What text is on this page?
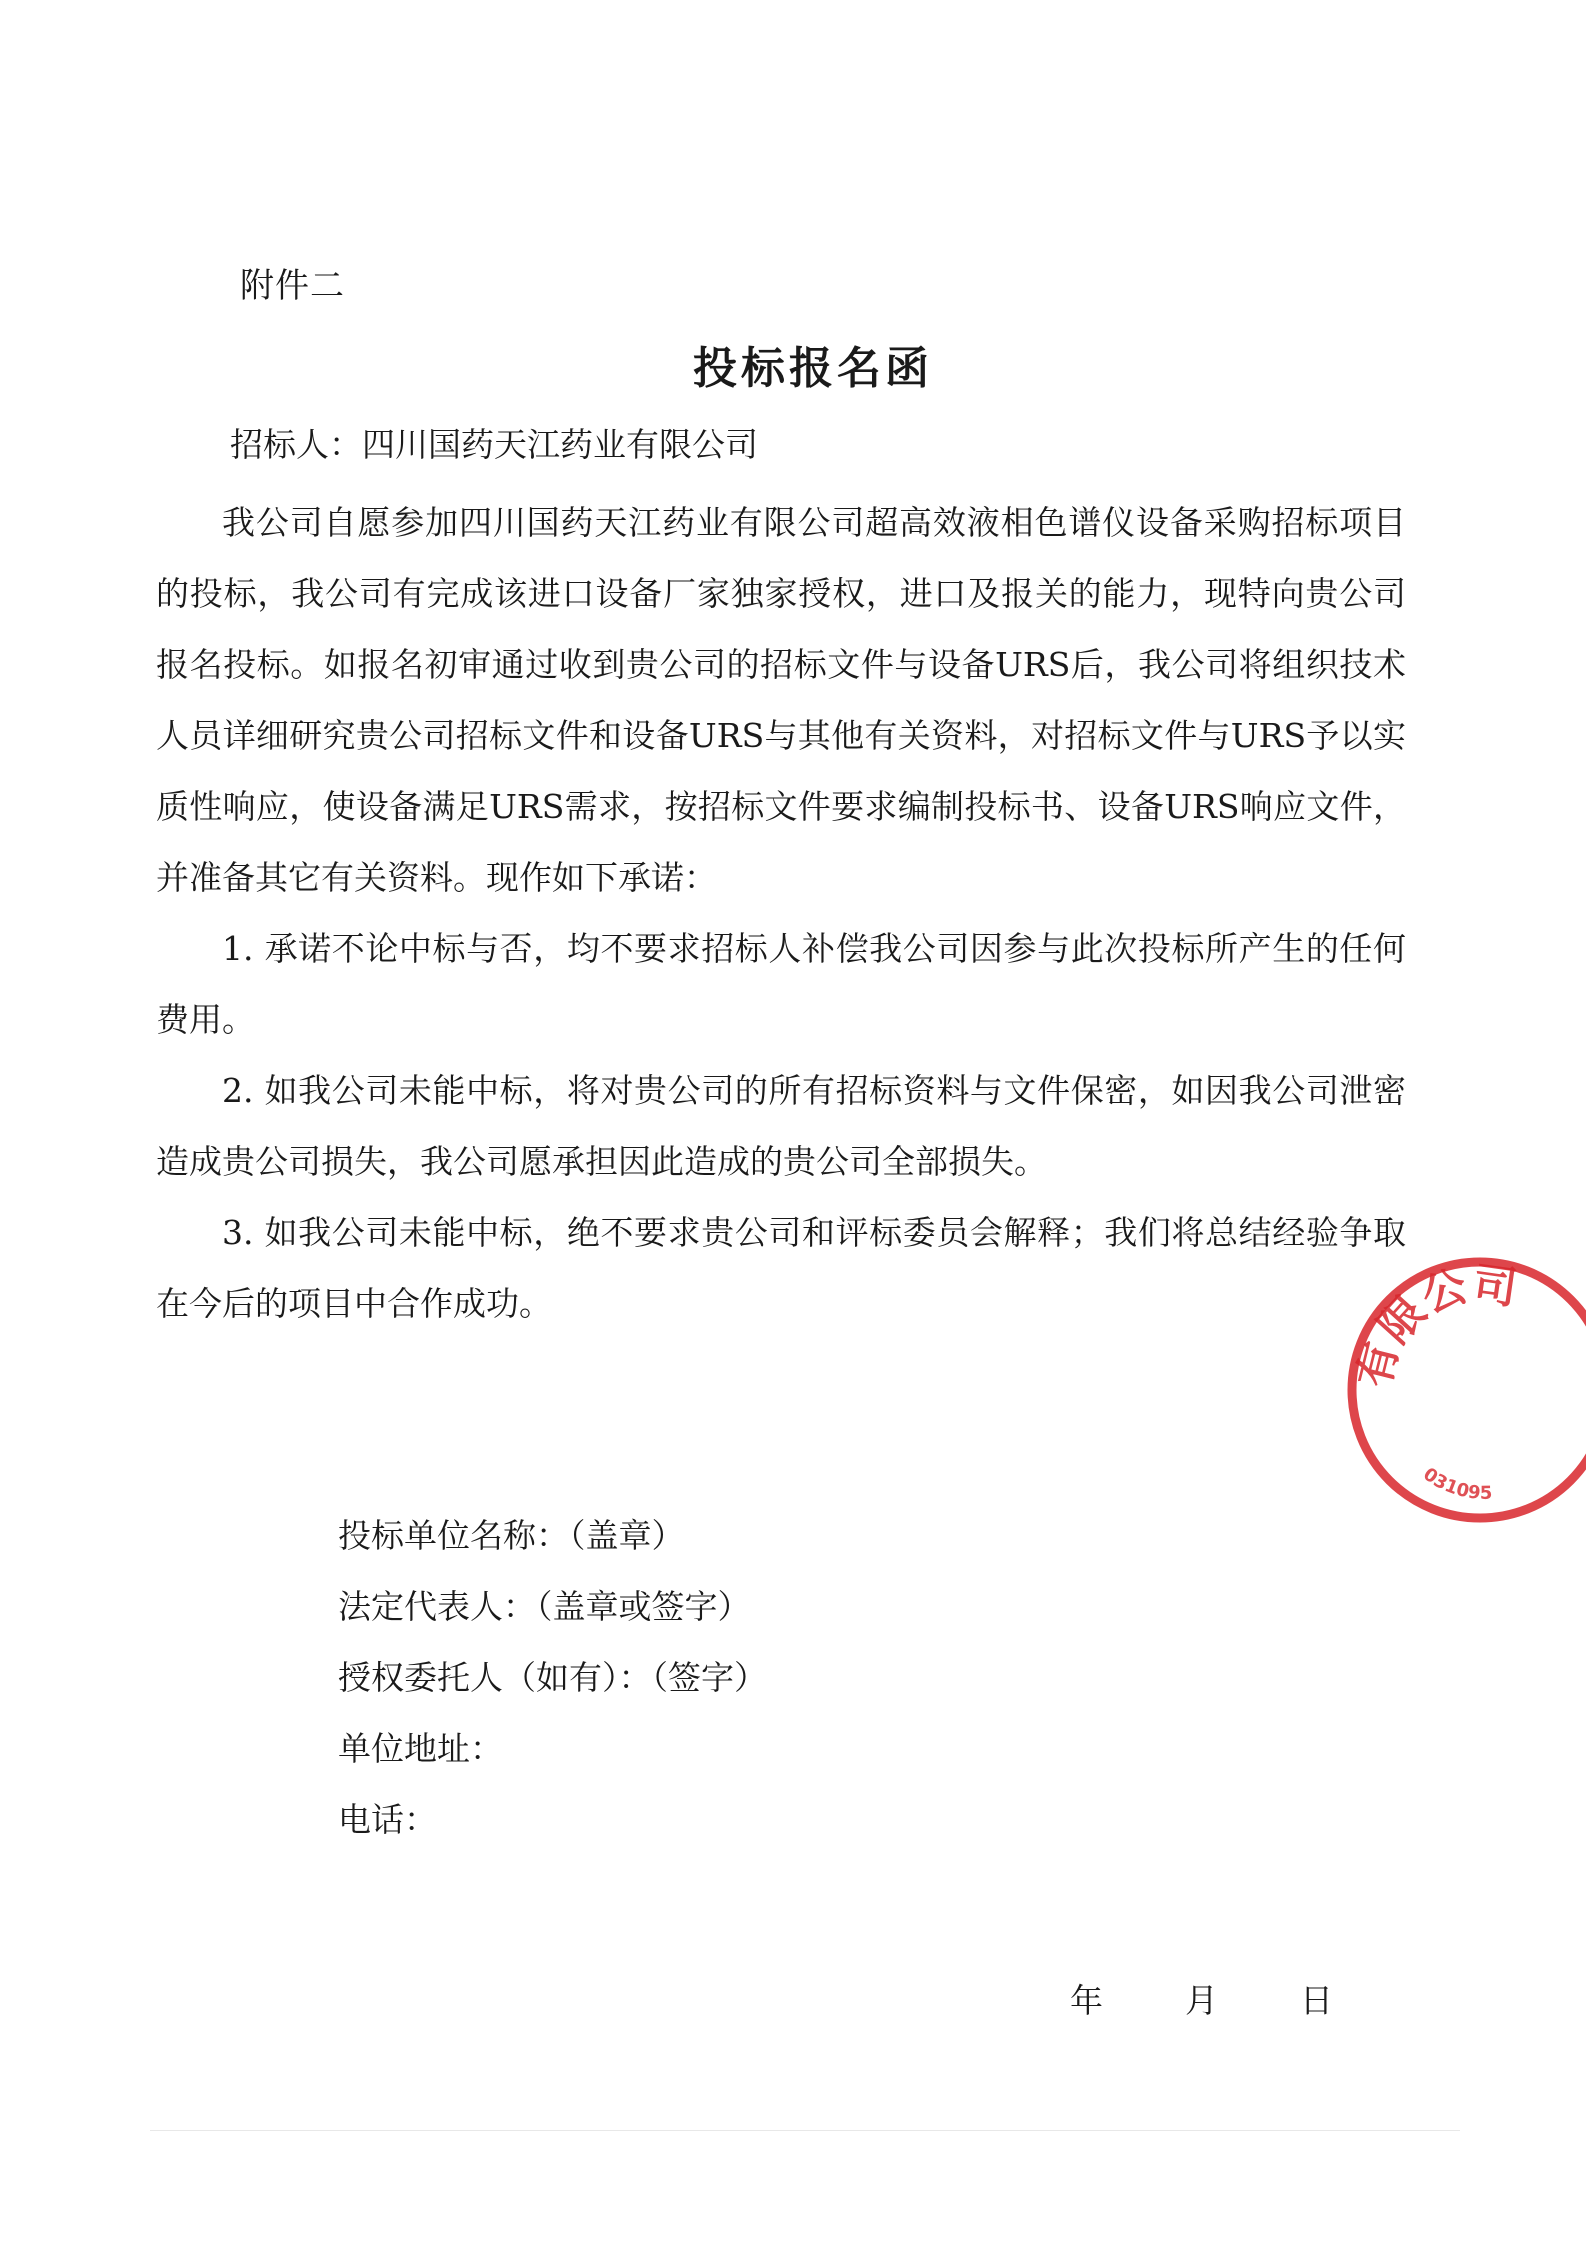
附件二
投标报名函
招标人：四川国药天江药业有限公司

我公司自愿参加四川国药天江药业有限公司超高效液相色谱仪设备采购招标项目的投标，我公司有完成该进口设备厂家独家授权，进口及报关的能力，现特向贵公司报名投标。如报名初审通过收到贵公司的招标文件与设备URS后，我公司将组织技术人员详细研究贵公司招标文件和设备URS与其他有关资料，对招标文件与URS予以实质性响应，使设备满足URS需求，按招标文件要求编制投标书、设备URS响应文件，并准备其它有关资料。现作如下承诺：

1. 承诺不论中标与否，均不要求招标人补偿我公司因参与此次投标所产生的任何费用。

2. 如我公司未能中标，将对贵公司的所有招标资料与文件保密，如因我公司泄密造成贵公司损失，我公司愿承担因此造成的贵公司全部损失。

3. 如我公司未能中标，绝不要求贵公司和评标委员会解释；我们将总结经验争取在今后的项目中合作成功。

投标单位名称：（盖章）
法定代表人：（盖章或签字）
授权委托人（如有）：（签字）
单位地址：
电话：
年 月 日
有限公司
031095
